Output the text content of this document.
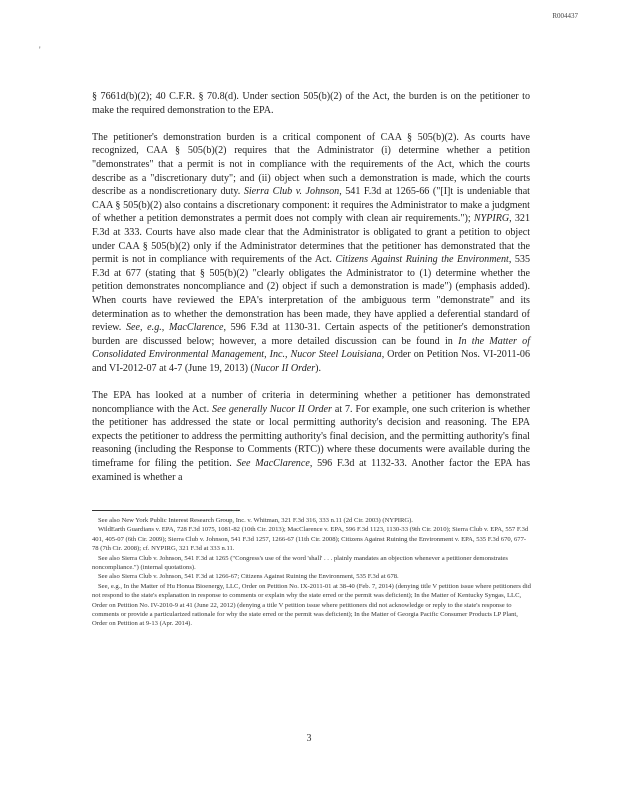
R004437
'

§ 7661d(b)(2); 40 C.F.R. § 70.8(d). Under section 505(b)(2) of the Act, the burden is on the petitioner to make the required demonstration to the EPA.

The petitioner's demonstration burden is a critical component of CAA § 505(b)(2). As courts have recognized, CAA § 505(b)(2) requires that the Administrator (i) determine whether a petition "demonstrates" that a permit is not in compliance with the requirements of the Act, which the courts describe as a "discretionary duty"; and (ii) object when such a demonstration is made, which the courts describe as a nondiscretionary duty. Sierra Club v. Johnson, 541 F.3d at 1265-66 ("[I]t is undeniable that CAA § 505(b)(2) also contains a discretionary component: it requires the Administrator to make a judgment of whether a petition demonstrates a permit does not comply with clean air requirements."); NYPIRG, 321 F.3d at 333. Courts have also made clear that the Administrator is obligated to grant a petition to object under CAA § 505(b)(2) only if the Administrator determines that the petitioner has demonstrated that the permit is not in compliance with requirements of the Act. Citizens Against Ruining the Environment, 535 F.3d at 677 (stating that § 505(b)(2) "clearly obligates the Administrator to (1) determine whether the petition demonstrates noncompliance and (2) object if such a demonstration is made") (emphasis added). When courts have reviewed the EPA's interpretation of the ambiguous term "demonstrate" and its determination as to whether the demonstration has been made, they have applied a deferential standard of review. See, e.g., MacClarence, 596 F.3d at 1130-31. Certain aspects of the petitioner's demonstration burden are discussed below; however, a more detailed discussion can be found in In the Matter of Consolidated Environmental Management, Inc., Nucor Steel Louisiana, Order on Petition Nos. VI-2011-06 and VI-2012-07 at 4-7 (June 19, 2013) (Nucor II Order).

The EPA has looked at a number of criteria in determining whether a petitioner has demonstrated noncompliance with the Act. See generally Nucor II Order at 7. For example, one such criterion is whether the petitioner has addressed the state or local permitting authority's decision and reasoning. The EPA expects the petitioner to address the permitting authority's final decision, and the permitting authority's final reasoning (including the Response to Comments (RTC)) where these documents were available during the timeframe for filing the petition. See MacClarence, 596 F.3d at 1132-33. Another factor the EPA has examined is whether a

See also New York Public Interest Research Group, Inc. v. Whitman, 321 F.3d 316, 333 n.11 (2d Cir. 2003) (NYPIRG).

WildEarth Guardians v. EPA, 728 F.3d 1075, 1081-82 (10th Cir. 2013); MacClarence v. EPA, 596 F.3d 1123, 1130-33 (9th Cir. 2010); Sierra Club v. EPA, 557 F.3d 401, 405-07 (6th Cir. 2009); Sierra Club v. Johnson, 541 F.3d 1257, 1266-67 (11th Cir. 2008); Citizens Against Ruining the Environment v. EPA, 535 F.3d 670, 677-78 (7th Cir. 2008); cf. NYPIRG, 321 F.3d at 333 n.11.

See also Sierra Club v. Johnson, 541 F.3d at 1265 ("Congress's use of the word 'shall' . . . plainly mandates an objection whenever a petitioner demonstrates noncompliance.") (internal quotations).

See also Sierra Club v. Johnson, 541 F.3d at 1266-67; Citizens Against Ruining the Environment, 535 F.3d at 678.

See, e.g., In the Matter of Hu Honua Bioenergy, LLC, Order on Petition No. IX-2011-01 at 38-40 (Feb. 7, 2014) (denying title V petition issue where petitioners did not respond to the state's explanation in response to comments or explain why the state erred or the permit was deficient); In the Matter of Kentucky Syngas, LLC, Order on Petition No. IV-2010-9 at 41 (June 22, 2012) (denying a title V petition issue where petitioners did not acknowledge or reply to the state's response to comments or provide a particularized rationale for why the state erred or the permit was deficient); In the Matter of Georgia Pacific Consumer Products LP Plant, Order on Petition at 9-13 (Apr. 2014).

3
